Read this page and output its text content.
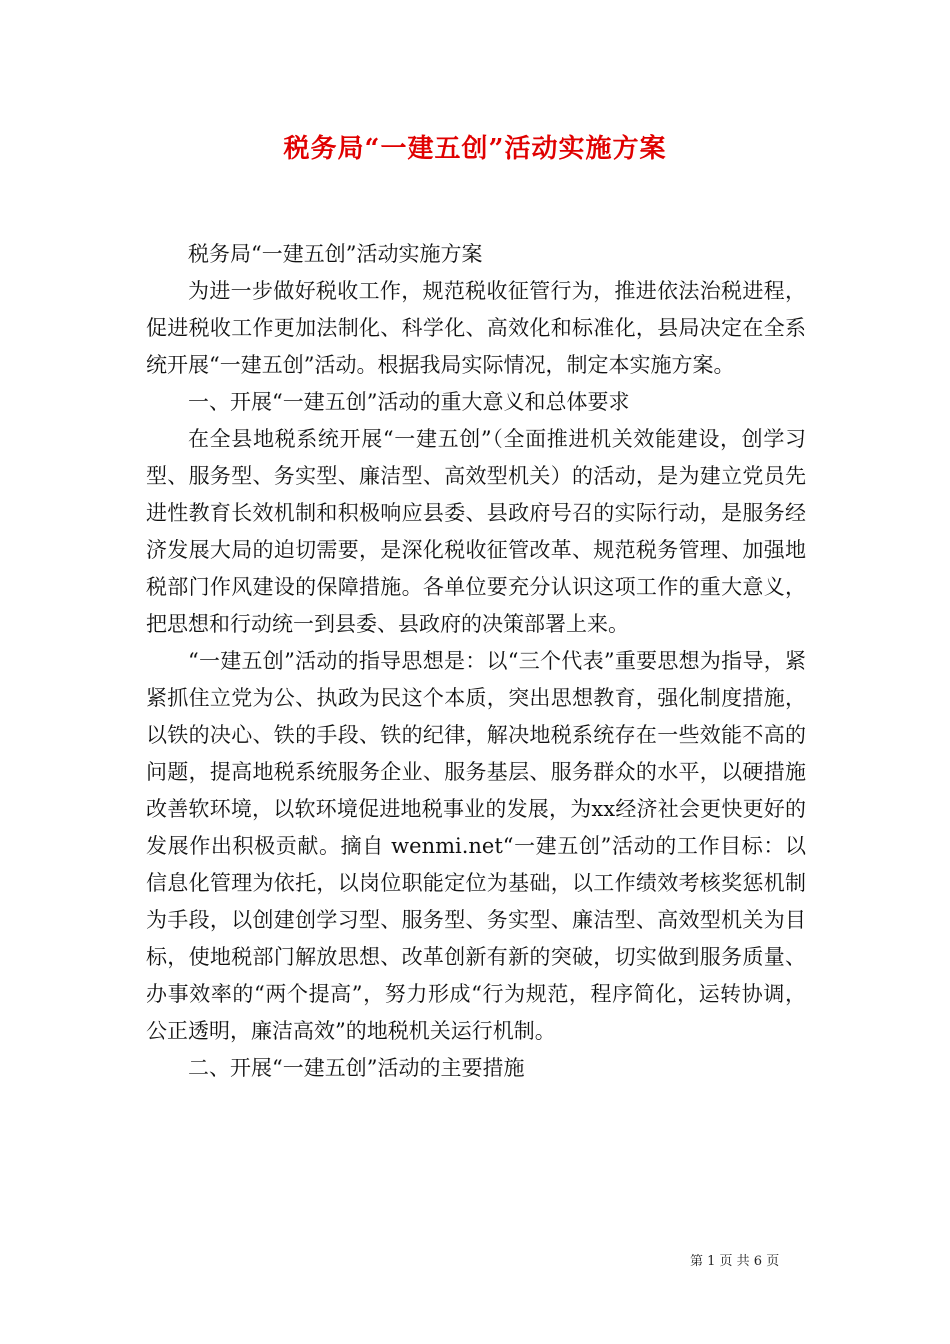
税务局“一建五创”活动实施方案

税务局“一建五创”活动实施方案

为进一步做好税收工作，规范税收征管行为，推进依法治税进程，促进税收工作更加法制化、科学化、高效化和标准化，县局决定在全系统开展“一建五创”活动。根据我局实际情况，制定本实施方案。

一、开展“一建五创”活动的重大意义和总体要求

在全县地税系统开展“一建五创”（全面推进机关效能建设，创学习型、服务型、务实型、廉洁型、高效型机关）的活动，是为建立党员先进性教育长效机制和积极响应县委、县政府号召的实际行动，是服务经济发展大局的迫切需要，是深化税收征管改革、规范税务管理、加强地税部门作风建设的保障措施。各单位要充分认识这项工作的重大意义，把思想和行动统一到县委、县政府的决策部署上来。

“一建五创”活动的指导思想是：以“三个代表”重要思想为指导，紧紧抓住立党为公、执政为民这个本质，突出思想教育，强化制度措施，以铁的决心、铁的手段、铁的纪律，解决地税系统存在一些效能不高的问题，提高地税系统服务企业、服务基层、服务群众的水平，以硬措施改善软环境，以软环境促进地税事业的发展，为xx经济社会更快更好的发展作出积极贡献。摘自 wenmi.net“一建五创”活动的工作目标：以信息化管理为依托，以岗位职能定位为基础，以工作绩效考核奖惩机制为手段，以创建创学习型、服务型、务实型、廉洁型、高效型机关为目标，使地税部门解放思想、改革创新有新的突破，切实做到服务质量、办事效率的“两个提高”，努力形成“行为规范，程序简化，运转协调，公正透明，廉洁高效”的地税机关运行机制。

二、开展“一建五创”活动的主要措施

第 1 页 共 6 页
